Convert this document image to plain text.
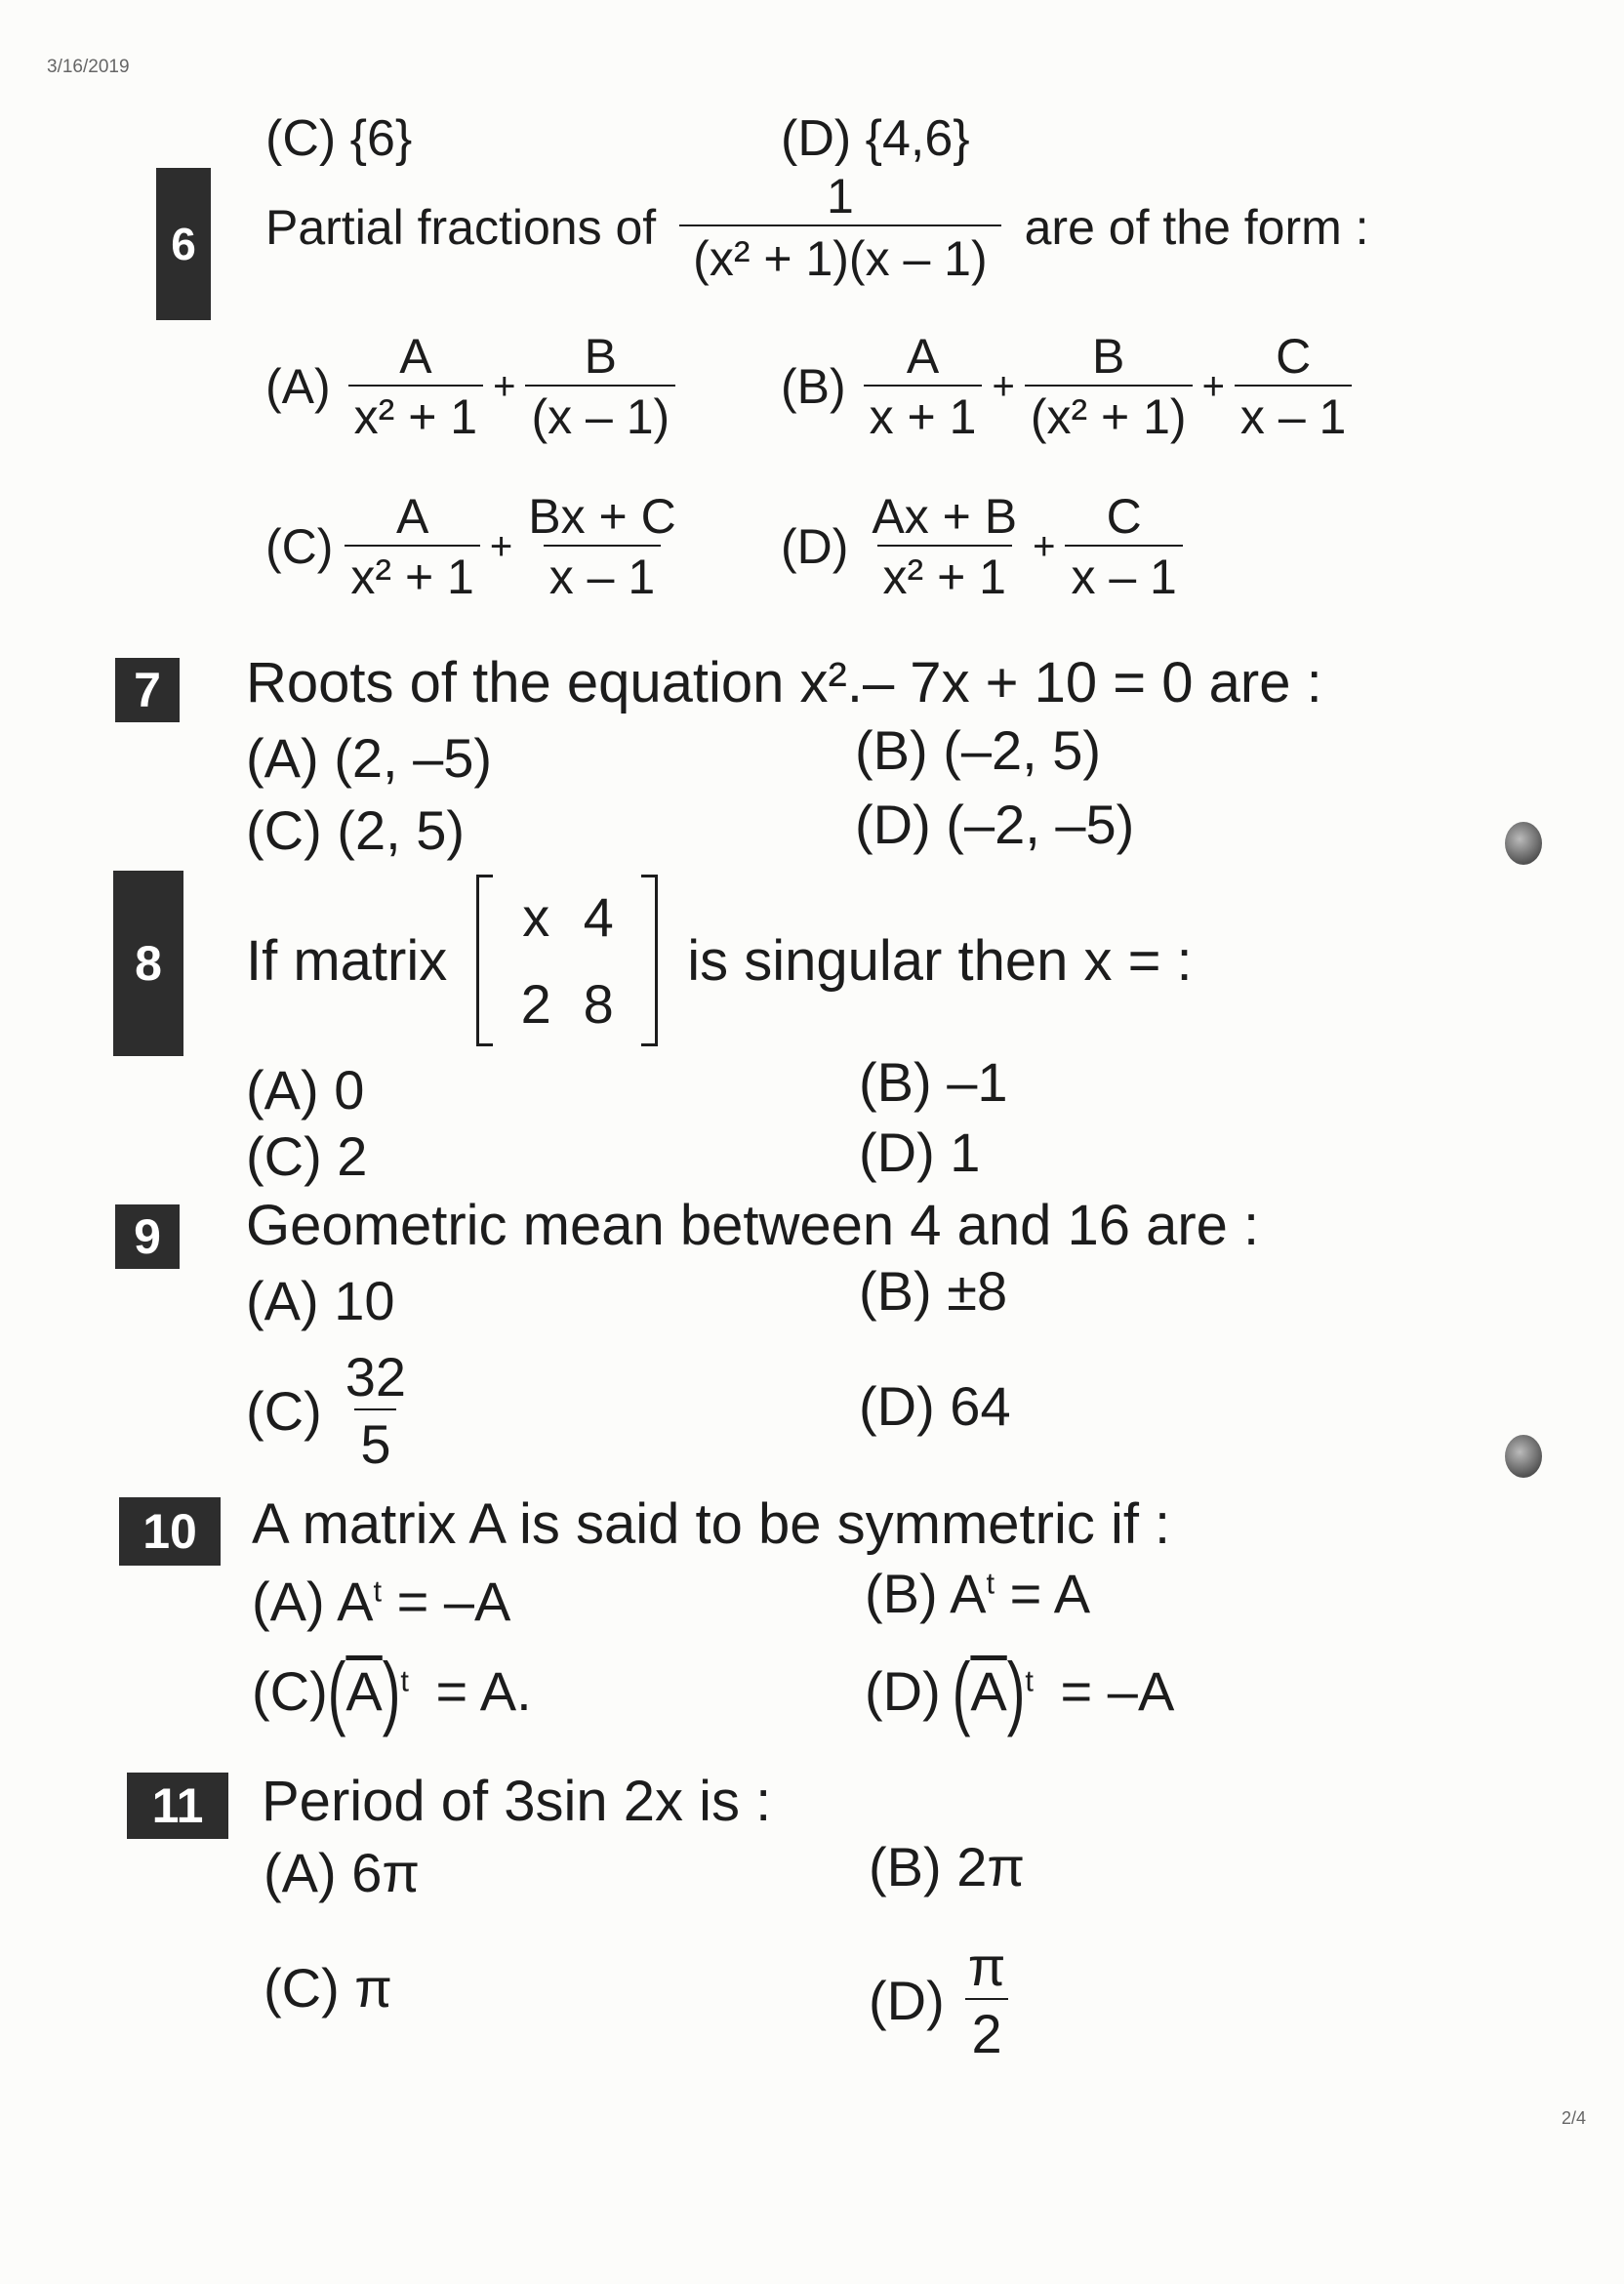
3/16/2019
2/4
(C) {6}	(D) {4,6}
6	Partial fractions of $\frac{1}{\text{(x² + 1)(x – 1)}}$ are of the form :
$(A) \frac{A}{\text{x² + 1}} + \frac{B}{(x - 1)} (B) \frac{A}{x + 1} + \frac{B}{\text{(x² + 1)}} + \frac{C}{x - 1}$
$(C) \frac{A}{\text{x² + 1}} + \frac{Bx + C}{x - 1} (D) \frac{Ax + B}{\text{x² + 1}} + \frac{C}{x - 1}$
7	Roots of the equation x².– 7x + 10 = 0 are :
(A) (2, –5)	(B) (–2, 5)
(C) (2, 5)	(D) (–2, –5)
8	If matrix
x 4
2 8
is singular then x = :
(A) 0	(B) –1
(C) 2	(D) 1
9	Geometric mean between 4 and 16 are :
(A) 10	(B) ±8
$(C) \frac{32}{5}$	(D) 64
10 A matrix A is said to be symmetric if :
(A) $A^t = -A$	(B) $A^t = A$
$(C)(\overline{A})^t = A$.	(D) $(\overline{A})^t = -A$
11	Period of 3sin 2x is :
(A) 6π	(B) 2π
(C) π	$(D) \frac{\pi}{2}$
